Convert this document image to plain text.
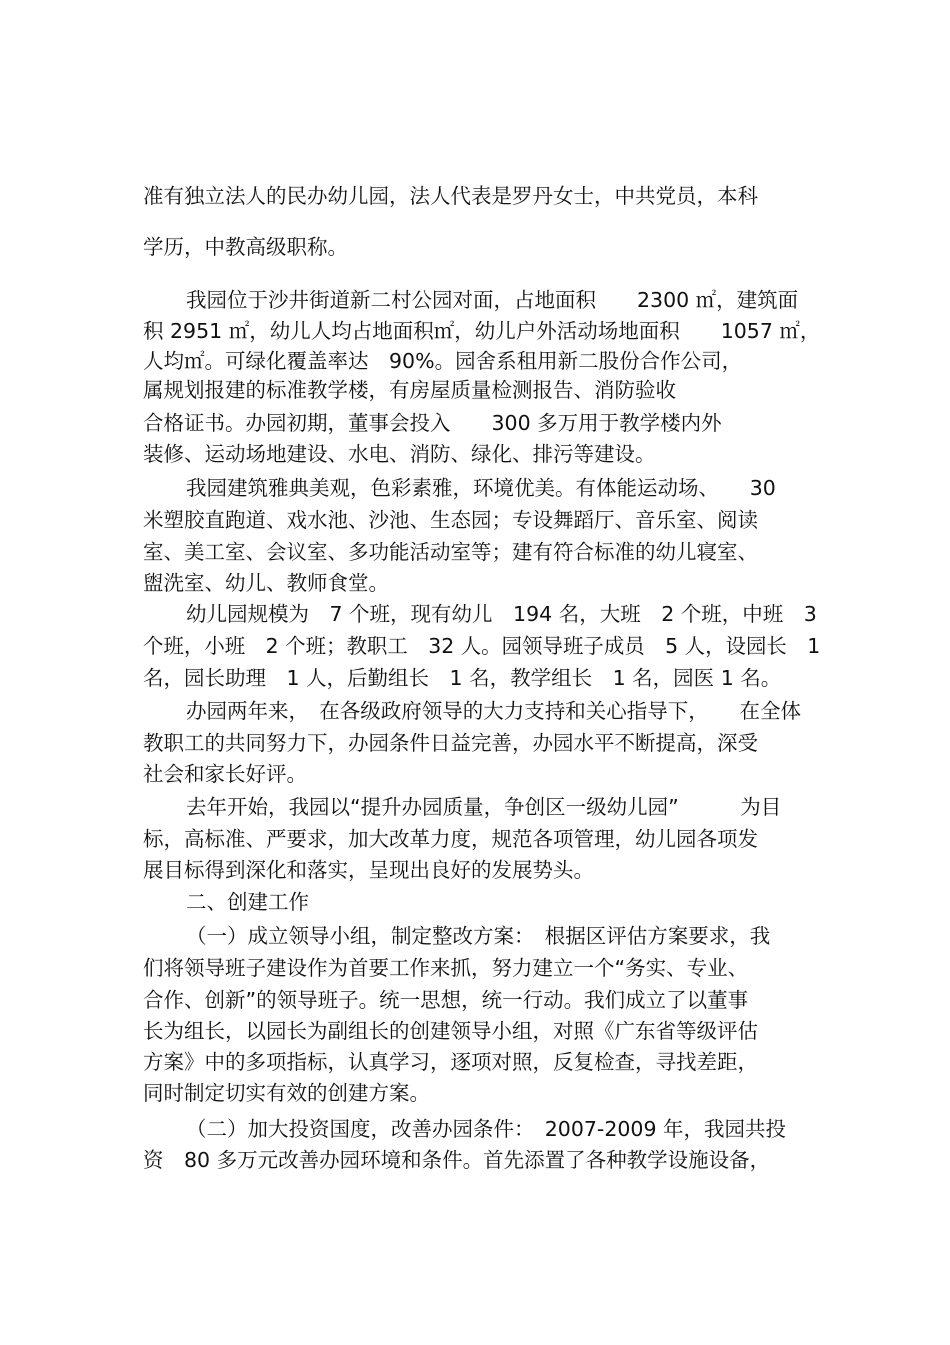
准有独立法人的民办幼儿园，法人代表是罗丹女士，中共党员，本科
学历，中教高级职称。
我园位于沙井街道新二村公园对面，占地面积　　2300 ㎡，建筑面
积 2951 ㎡，幼儿人均占地面积㎡，幼儿户外活动场地面积　　1057 ㎡，
人均㎡。可绿化覆盖率达　90%。园舍系租用新二股份合作公司，
属规划报建的标准教学楼，有房屋质量检测报告、消防验收
合格证书。办园初期，董事会投入　　300 多万用于教学楼内外
装修、运动场地建设、水电、消防、绿化、排污等建设。
我园建筑雅典美观，色彩素雅，环境优美。有体能运动场、　　30
米塑胶直跑道、戏水池、沙池、生态园；专设舞蹈厅、音乐室、阅读
室、美工室、会议室、多功能活动室等；建有符合标准的幼儿寝室、
盥洗室、幼儿、教师食堂。
幼儿园规模为　7 个班，现有幼儿　194 名，大班　2 个班，中班　3
个班，小班　2 个班；教职工　32 人。园领导班子成员　5 人，设园长　1
名，园长助理　1 人，后勤组长　1 名，教学组长　1 名，园医 1 名。
办园两年来，　在各级政府领导的大力支持和关心指导下，　　在全体
教职工的共同努力下，办园条件日益完善，办园水平不断提高，深受
社会和家长好评。
去年开始，我园以“提升办园质量，争创区一级幼儿园”　　　为目
标，高标准、严要求，加大改革力度，规范各项管理，幼儿园各项发
展目标得到深化和落实，呈现出良好的发展势头。
二、创建工作
（一）成立领导小组，制定整改方案：　根据区评估方案要求，我
们将领导班子建设作为首要工作来抓，努力建立一个“务实、专业、
合作、创新”的领导班子。统一思想，统一行动。我们成立了以董事
长为组长，以园长为副组长的创建领导小组，对照《广东省等级评估
方案》中的多项指标，认真学习，逐项对照，反复检查，寻找差距，
同时制定切实有效的创建方案。
（二）加大投资国度，改善办园条件：　2007-2009 年，我园共投
资　80 多万元改善办园环境和条件。首先添置了各种教学设施设备，
